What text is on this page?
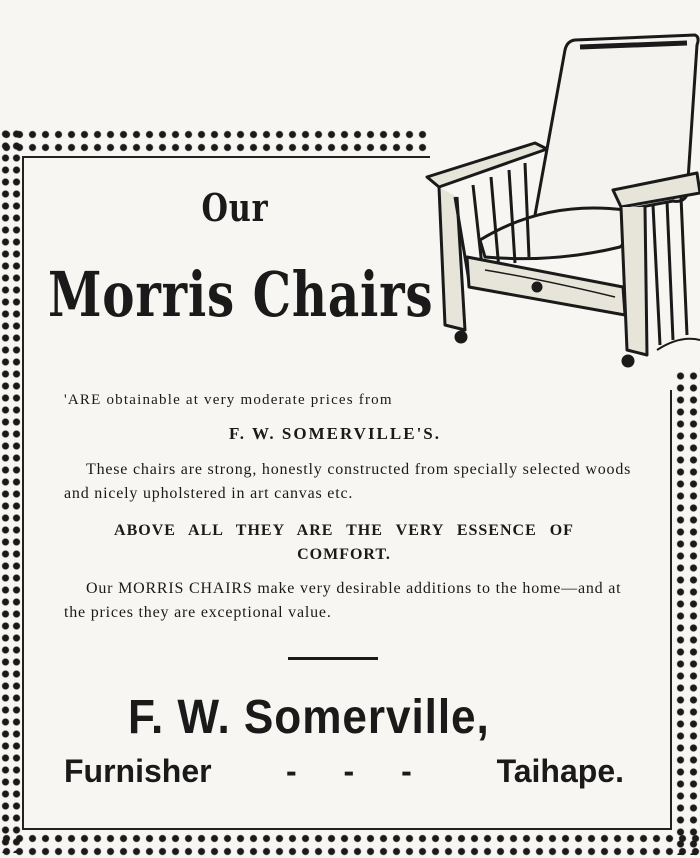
Our
Morris Chairs
'ARE obtainable at very moderate prices from
F. W. SOMERVILLE'S.
These chairs are strong, honestly constructed from specially selected woods and nicely upholstered in art canvas etc.
ABOVE ALL THEY ARE THE VERY ESSENCE OF COMFORT.
Our MORRIS CHAIRS make very desirable additions to the home—and at the prices they are exceptional value.
F. W. Somerville,
Furnisher - - -	Taihape.
